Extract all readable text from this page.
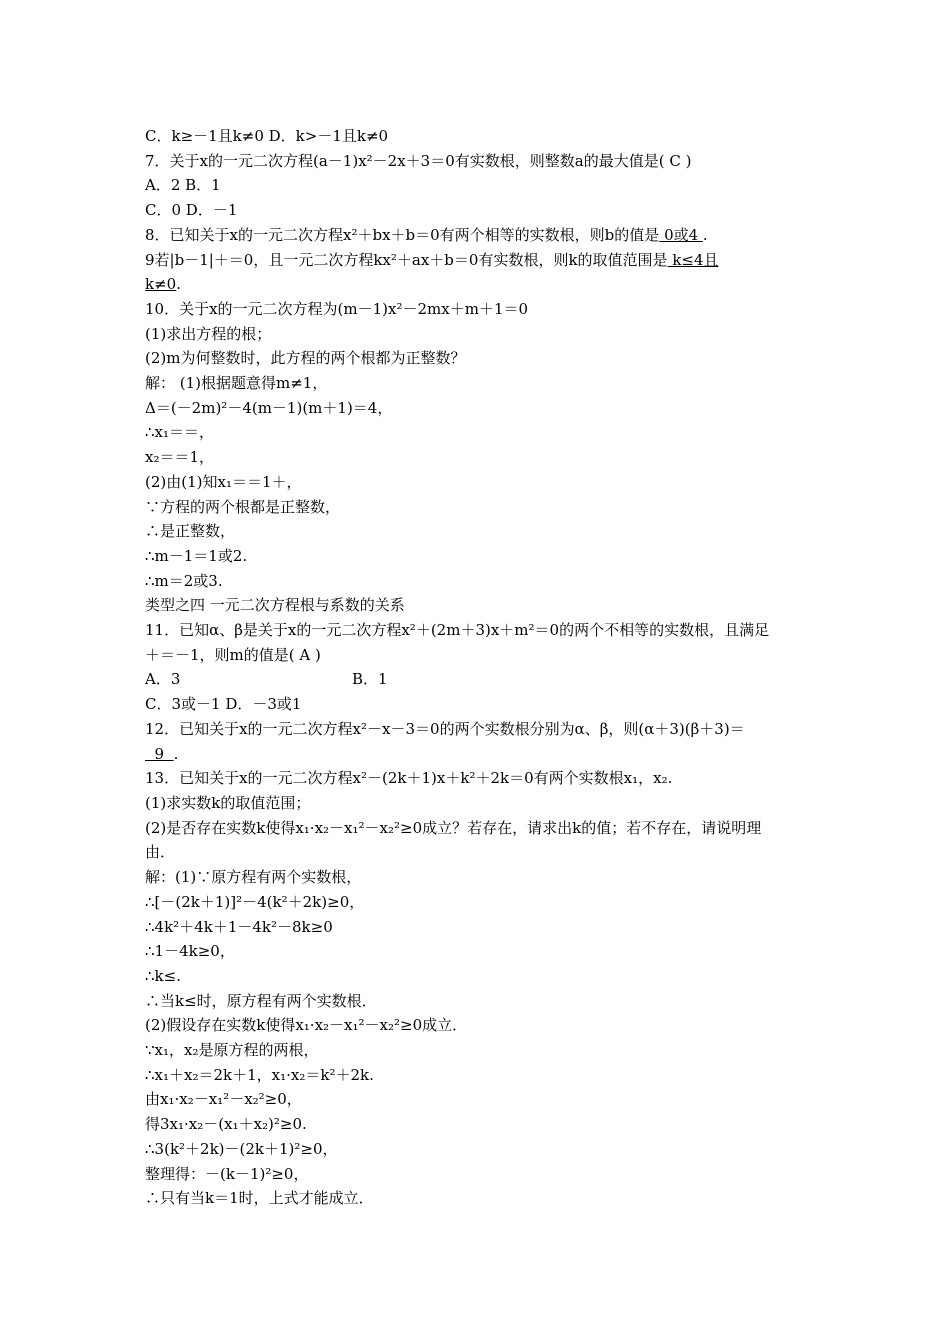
C．k≥－1且k≠0 D．k>－1且k≠0
7．关于x的一元二次方程(a－1)x²－2x＋3＝0有实数根，则整数a的最大值是( C )
A．2 B．1
C．0 D．－1
8．已知关于x的一元二次方程x²＋bx＋b＝0有两个相等的实数根，则b的值是 0或4 .
9若|b－1|＋＝0，且一元二次方程kx²＋ax＋b＝0有实数根，则k的取值范围是 k≤4且
k≠0.
10．关于x的一元二次方程为(m－1)x²－2mx＋m＋1＝0
(1)求出方程的根；
(2)m为何整数时，此方程的两个根都为正整数？
解： (1)根据题意得m≠1，
Δ＝(－2m)²－4(m－1)(m＋1)＝4，
∴x₁＝＝，
x₂＝＝1，
(2)由(1)知x₁＝＝1＋，
∵方程的两个根都是正整数，
∴是正整数，
∴m－1＝1或2.
∴m＝2或3.
类型之四 一元二次方程根与系数的关系
11．已知α、β是关于x的一元二次方程x²＋(2m＋3)x＋m²＝0的两个不相等的实数根，且满足
＋＝－1，则m的值是( A )
A．3                                    B．1
C．3或－1 D．－3或1
12．已知关于x的一元二次方程x²－x－3＝0的两个实数根分别为α、β，则(α＋3)(β＋3)＝
9  .
13．已知关于x的一元二次方程x²－(2k＋1)x＋k²＋2k＝0有两个实数根x₁，x₂.
(1)求实数k的取值范围；
(2)是否存在实数k使得x₁·x₂－x₁²－x₂²≥0成立？若存在，请求出k的值；若不存在，请说明理
由．
解：(1)∵原方程有两个实数根，
∴[－(2k＋1)]²－4(k²＋2k)≥0，
∴4k²＋4k＋1－4k²－8k≥0
∴1－4k≥0，
∴k≤.
∴当k≤时，原方程有两个实数根．
(2)假设存在实数k使得x₁·x₂－x₁²－x₂²≥0成立．
∵x₁，x₂是原方程的两根，
∴x₁＋x₂＝2k＋1，x₁·x₂＝k²＋2k.
由x₁·x₂－x₁²－x₂²≥0，
得3x₁·x₂－(x₁＋x₂)²≥0.
∴3(k²＋2k)－(2k＋1)²≥0，
整理得：－(k－1)²≥0，
∴只有当k＝1时，上式才能成立．
